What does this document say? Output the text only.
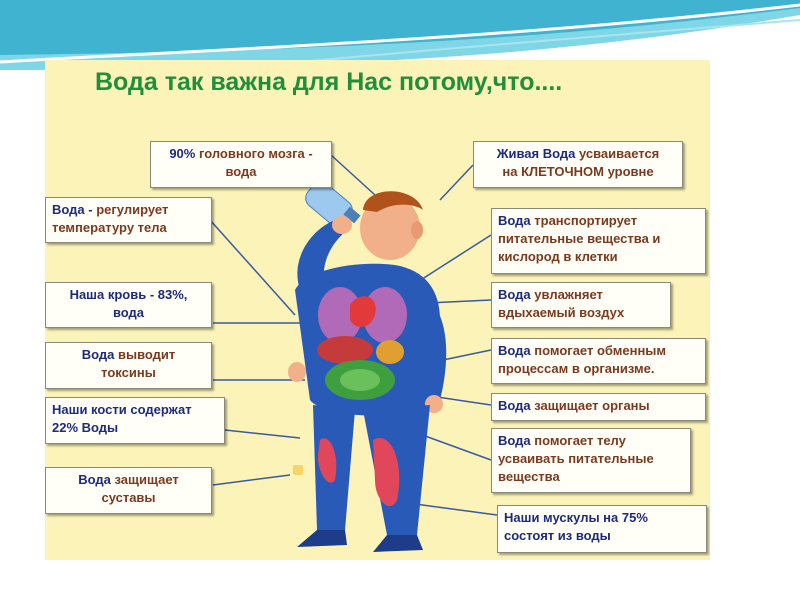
Вода так важна для Нас потому,что....
90% головного мозга -
вода
Живая Вода усваивается
на КЛЕТОЧНОМ уровне
Вода - регулирует
температуру тела	Вода транспортирует
питательные вещества и
кислород в клетки
Наша кровь - 83%,
вода
Вода увлажняет
вдыхаемый воздух
Вода выводит
токсины
Вода помогает обменным
процессам в организме.
Наши кости содержат
22% Воды
Вода защищает органы
Вода помогает телу
усваивать питательные
вещества
Вода защищает
суставы
Наши мускулы на 75%
состоят из воды
